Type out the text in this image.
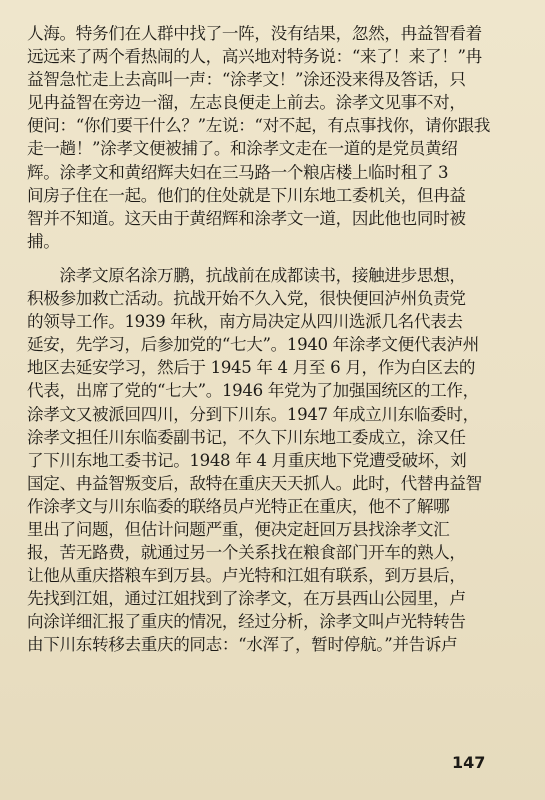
人海。特务们在人群中找了一阵，没有结果，忽然，冉益智看着
远远来了两个看热闹的人，高兴地对特务说：“来了！来了！”冉
益智急忙走上去高叫一声：“涂孝文！”涂还没来得及答话，只
见冉益智在旁边一溜，左志良便走上前去。涂孝文见事不对，
便问：“你们要干什么？”左说：“对不起，有点事找你，请你跟我
走一趟！”涂孝文便被捕了。和涂孝文走在一道的是党员黄绍
辉。涂孝文和黄绍辉夫妇在三马路一个粮店楼上临时租了 3
间房子住在一起。他们的住处就是下川东地工委机关，但冉益
智并不知道。这天由于黄绍辉和涂孝文一道，因此他也同时被
捕。
　　涂孝文原名涂万鹏，抗战前在成都读书，接触进步思想，
积极参加救亡活动。抗战开始不久入党，很快便回泸州负责党
的领导工作。1939 年秋，南方局决定从四川选派几名代表去
延安，先学习，后参加党的“七大”。1940 年涂孝文便代表泸州
地区去延安学习，然后于 1945 年 4 月至 6 月，作为白区去的
代表，出席了党的“七大”。1946 年党为了加强国统区的工作，
涂孝文又被派回四川，分到下川东。1947 年成立川东临委时，
涂孝文担任川东临委副书记，不久下川东地工委成立，涂又任
了下川东地工委书记。1948 年 4 月重庆地下党遭受破坏，刘
国定、冉益智叛变后，敌特在重庆天天抓人。此时，代替冉益智
作涂孝文与川东临委的联络员卢光特正在重庆，他不了解哪
里出了问题，但估计问题严重，便决定赶回万县找涂孝文汇
报，苦无路费，就通过另一个关系找在粮食部门开车的熟人，
让他从重庆搭粮车到万县。卢光特和江姐有联系，到万县后，
先找到江姐，通过江姐找到了涂孝文，在万县西山公园里，卢
向涂详细汇报了重庆的情况，经过分析，涂孝文叫卢光特转告
由下川东转移去重庆的同志：“水浑了，暂时停航。”并告诉卢
147
